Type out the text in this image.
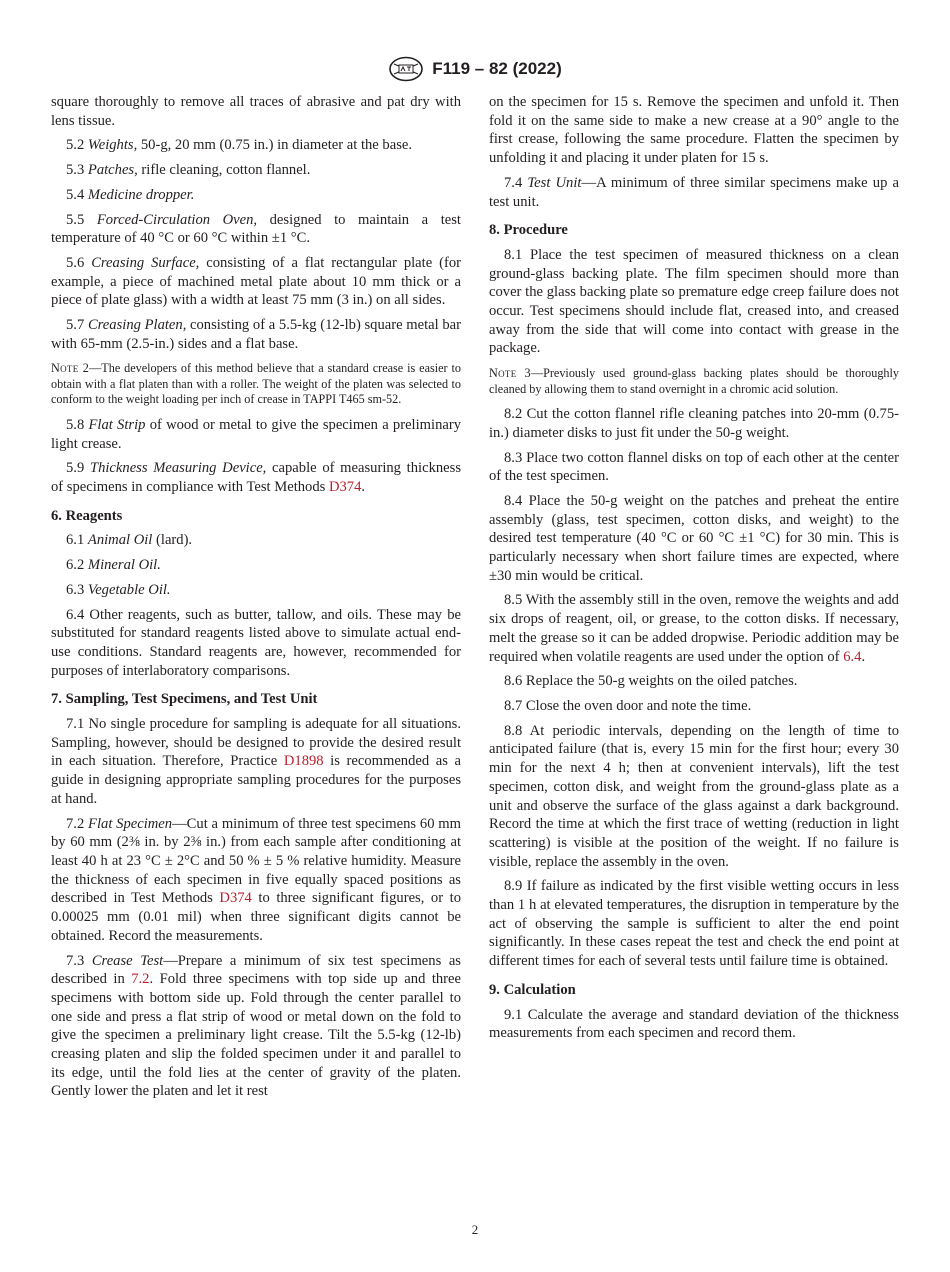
F119 – 82 (2022)

square thoroughly to remove all traces of abrasive and pat dry with lens tissue.

5.2 Weights, 50-g, 20 mm (0.75 in.) in diameter at the base.

5.3 Patches, rifle cleaning, cotton flannel.

5.4 Medicine dropper.

5.5 Forced-Circulation Oven, designed to maintain a test temperature of 40 °C or 60 °C within ±1 °C.

5.6 Creasing Surface, consisting of a flat rectangular plate (for example, a piece of machined metal plate about 10 mm thick or a piece of plate glass) with a width at least 75 mm (3 in.) on all sides.

5.7 Creasing Platen, consisting of a 5.5-kg (12-lb) square metal bar with 65-mm (2.5-in.) sides and a flat base.

Note 2—The developers of this method believe that a standard crease is easier to obtain with a flat platen than with a roller. The weight of the platen was selected to conform to the weight loading per inch of crease in TAPPI T465 sm-52.

5.8 Flat Strip of wood or metal to give the specimen a preliminary light crease.

5.9 Thickness Measuring Device, capable of measuring thickness of specimens in compliance with Test Methods D374.

6. Reagents

6.1 Animal Oil (lard).

6.2 Mineral Oil.

6.3 Vegetable Oil.

6.4 Other reagents, such as butter, tallow, and oils. These may be substituted for standard reagents listed above to simulate actual end-use conditions. Standard reagents are, however, recommended for purposes of interlaboratory comparisons.

7. Sampling, Test Specimens, and Test Unit

7.1 No single procedure for sampling is adequate for all situations. Sampling, however, should be designed to provide the desired result in each situation. Therefore, Practice D1898 is recommended as a guide in designing appropriate sampling procedures for the purposes at hand.

7.2 Flat Specimen—Cut a minimum of three test specimens 60 mm by 60 mm (2⅜ in. by 2⅜ in.) from each sample after conditioning at least 40 h at 23 °C ± 2°C and 50 % ± 5 % relative humidity. Measure the thickness of each specimen in five equally spaced positions as described in Test Methods D374 to three significant figures, or to 0.00025 mm (0.01 mil) when three significant digits cannot be obtained. Record the measurements.

7.3 Crease Test—Prepare a minimum of six test specimens as described in 7.2. Fold three specimens with top side up and three specimens with bottom side up. Fold through the center parallel to one side and press a flat strip of wood or metal down on the fold to give the specimen a preliminary light crease. Tilt the 5.5-kg (12-lb) creasing platen and slip the folded specimen under it and parallel to its edge, until the fold lies at the center of gravity of the platen. Gently lower the platen and let it rest

on the specimen for 15 s. Remove the specimen and unfold it. Then fold it on the same side to make a new crease at a 90° angle to the first crease, following the same procedure. Flatten the specimen by unfolding it and placing it under platen for 15 s.

7.4 Test Unit—A minimum of three similar specimens make up a test unit.

8. Procedure

8.1 Place the test specimen of measured thickness on a clean ground-glass backing plate. The film specimen should more than cover the glass backing plate so premature edge creep failure does not occur. Test specimens should include flat, creased into, and creased away from the side that will come into contact with grease in the package.

Note 3—Previously used ground-glass backing plates should be thoroughly cleaned by allowing them to stand overnight in a chromic acid solution.

8.2 Cut the cotton flannel rifle cleaning patches into 20-mm (0.75-in.) diameter disks to just fit under the 50-g weight.

8.3 Place two cotton flannel disks on top of each other at the center of the test specimen.

8.4 Place the 50-g weight on the patches and preheat the entire assembly (glass, test specimen, cotton disks, and weight) to the desired test temperature (40 °C or 60 °C ±1 °C) for 30 min. This is particularly necessary when short failure times are expected, where ±30 min would be critical.

8.5 With the assembly still in the oven, remove the weights and add six drops of reagent, oil, or grease, to the cotton disks. If necessary, melt the grease so it can be added dropwise. Periodic addition may be required when volatile reagents are used under the option of 6.4.

8.6 Replace the 50-g weights on the oiled patches.

8.7 Close the oven door and note the time.

8.8 At periodic intervals, depending on the length of time to anticipated failure (that is, every 15 min for the first hour; every 30 min for the next 4 h; then at convenient intervals), lift the test specimen, cotton disk, and weight from the ground-glass plate as a unit and observe the surface of the glass against a dark background. Record the time at which the first trace of wetting (reduction in light scattering) is visible at the position of the weight. If no failure is visible, replace the assembly in the oven.

8.9 If failure as indicated by the first visible wetting occurs in less than 1 h at elevated temperatures, the disruption in temperature by the act of observing the sample is sufficient to alter the end point significantly. In these cases repeat the test and check the end point at different times for each of several tests until failure time is obtained.

9. Calculation

9.1 Calculate the average and standard deviation of the thickness measurements from each specimen and record them.

2
